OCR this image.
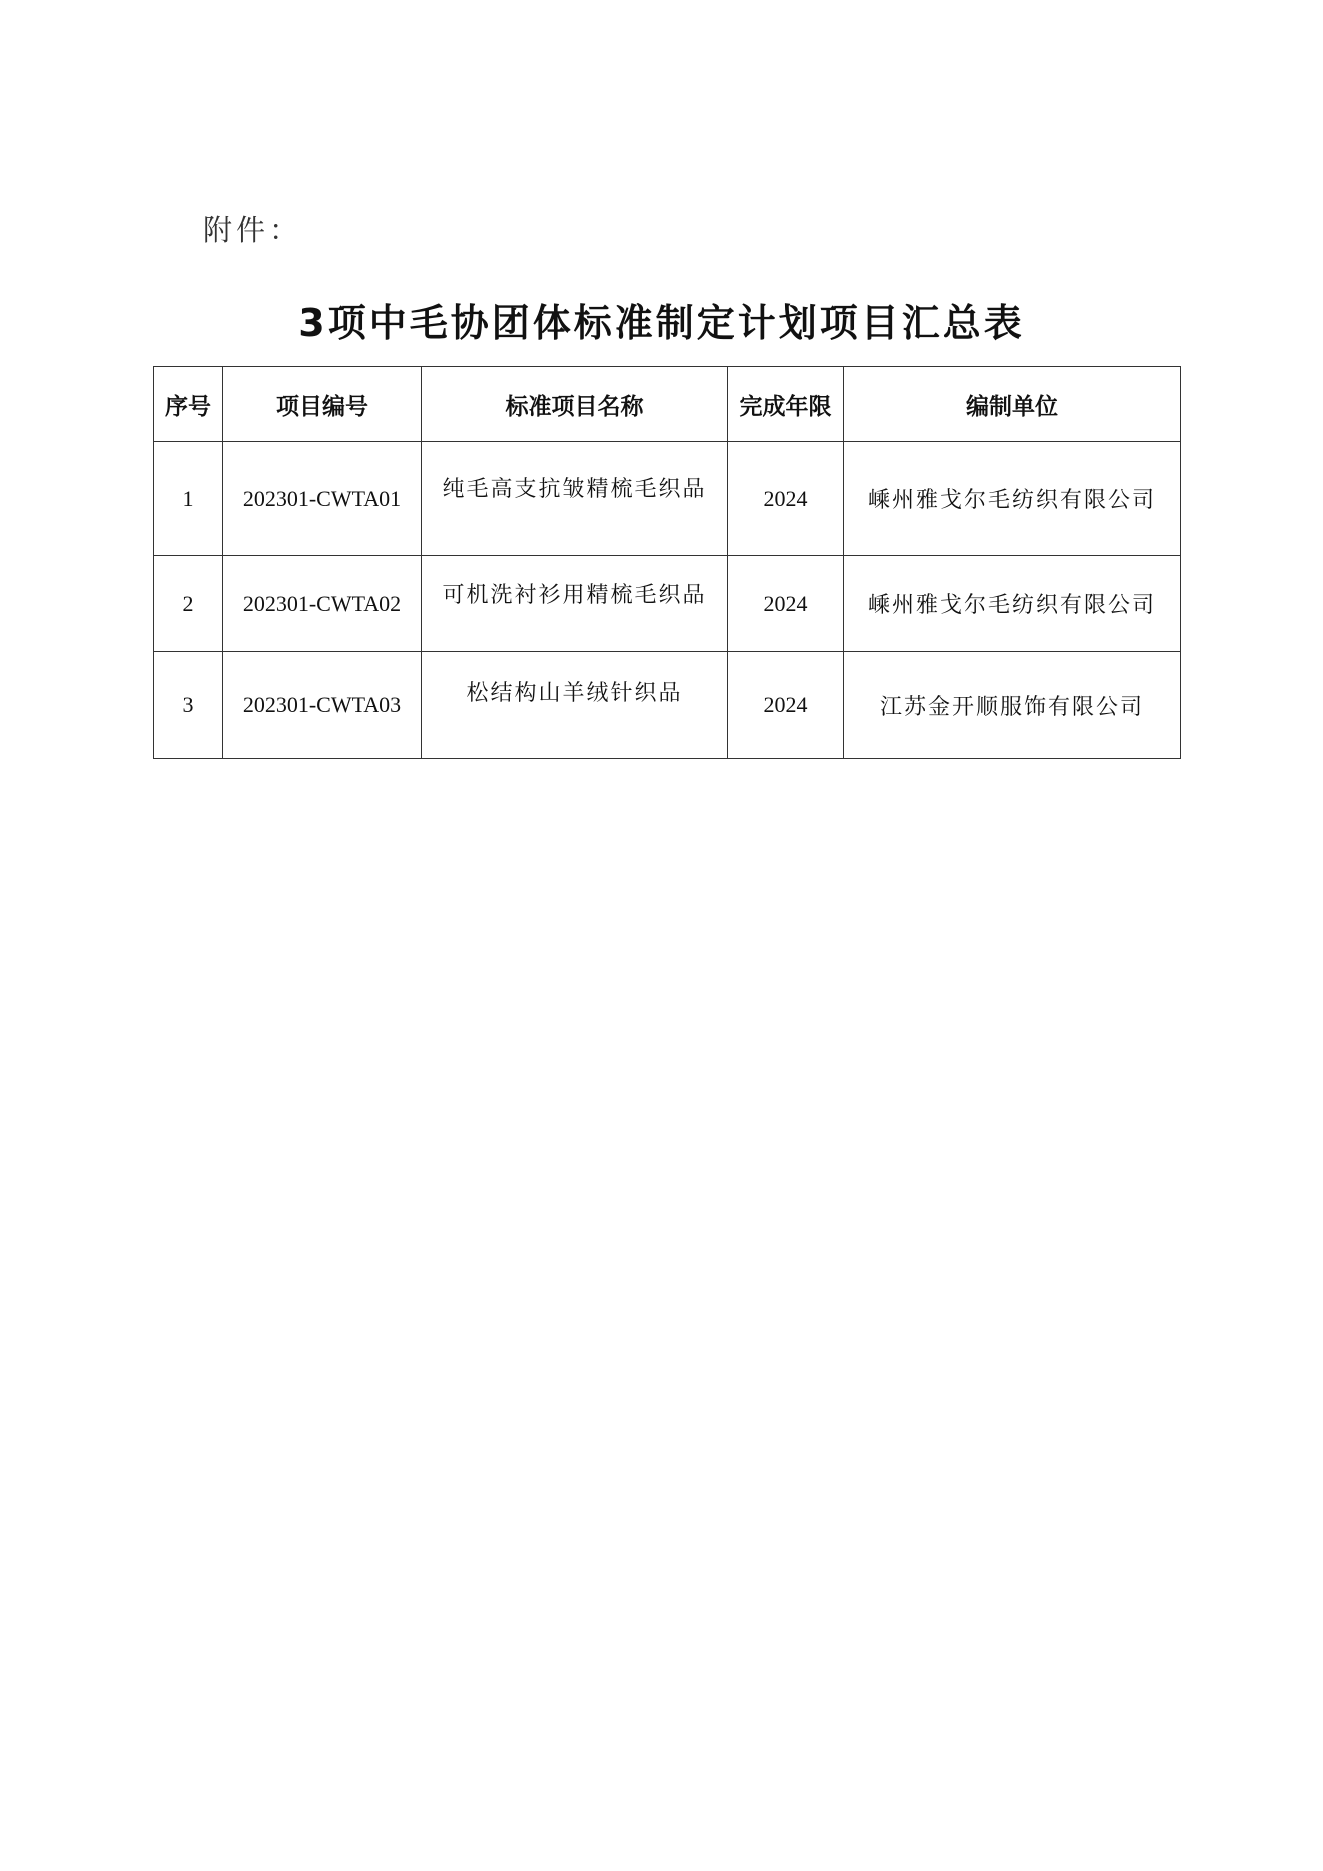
附件：
3项中毛协团体标准制定计划项目汇总表
序号	项目编号	标准项目名称	完成年限	编制单位
1	202301-CWTA01	纯毛高支抗皱精梳毛织品	2024	嵊州雅戈尔毛纺织有限公司
2	202301-CWTA02	可机洗衬衫用精梳毛织品	2024	嵊州雅戈尔毛纺织有限公司
3	202301-CWTA03	松结构山羊绒针织品	2024	江苏金开顺服饰有限公司
